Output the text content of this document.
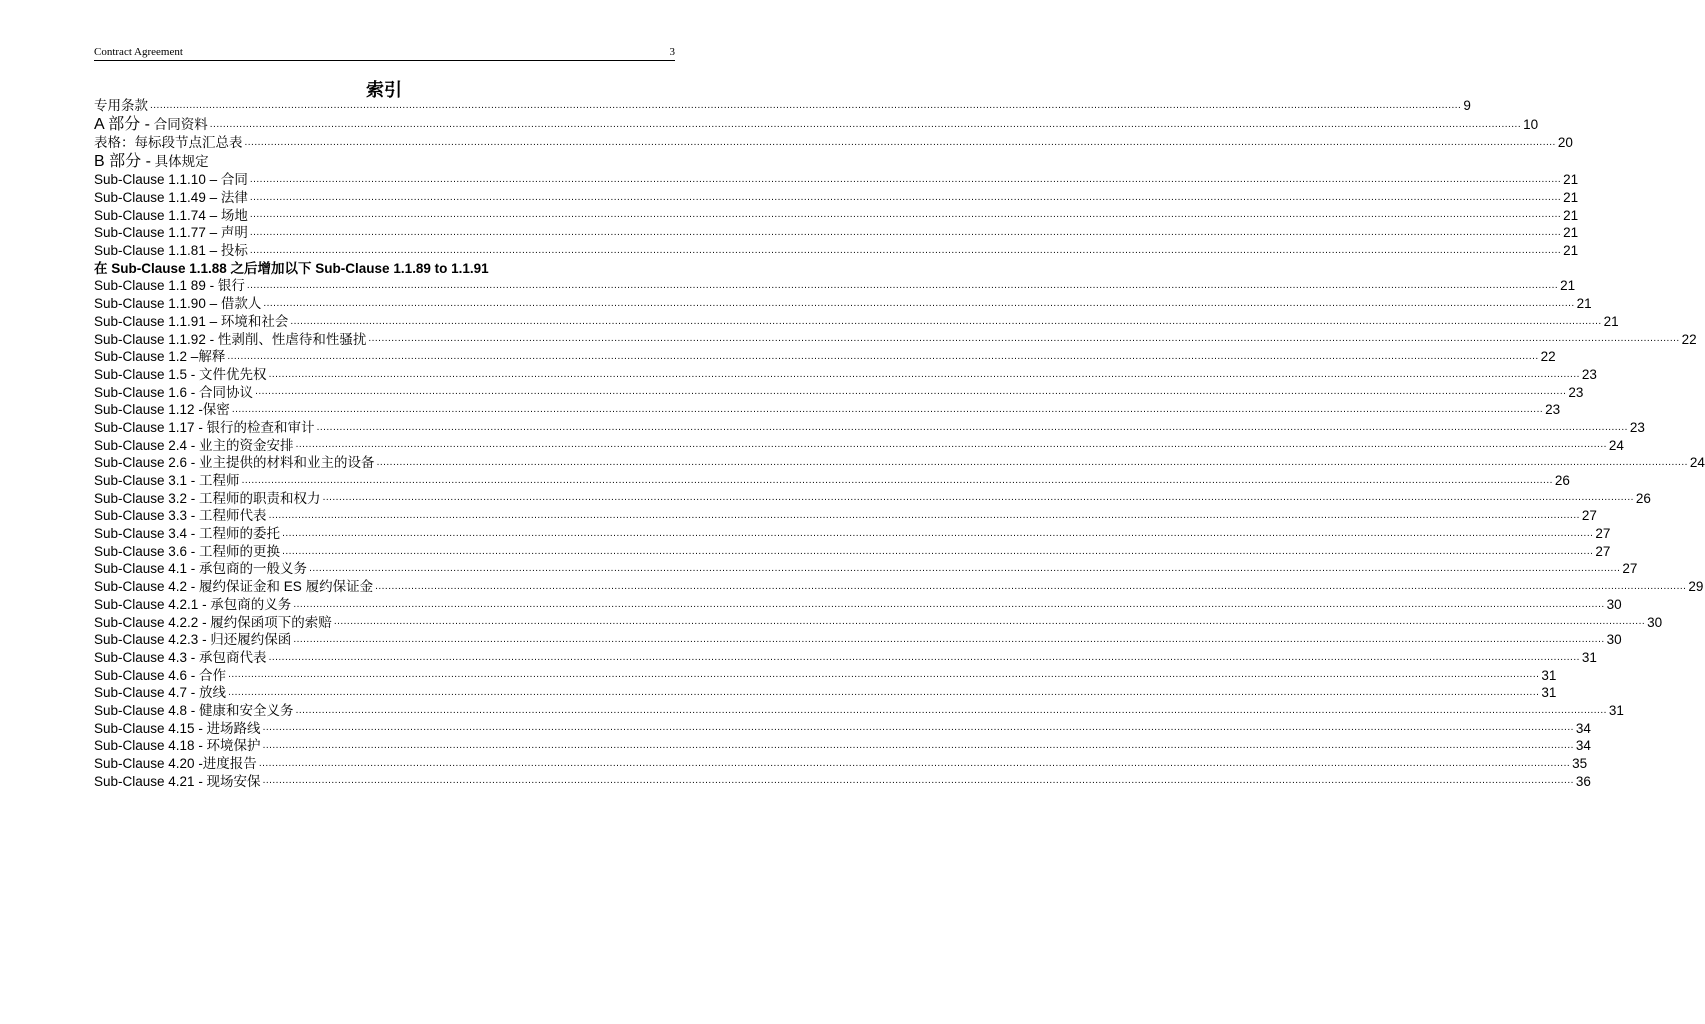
Contract Agreement	3
索引
专用条款 ................................................................................................................................................................................................................................................................................................................................................................................................................ 9
A 部分 - 合同资料 ................................................................................................................................................................................................................................................................................................................................................................................................................ 10
表格：每标段节点汇总表 ................................................................................................................................................................................................................................................................................................................................................................................................................ 20
B 部分 - 具体规定
Sub-Clause 1.1.10 – 合同 ................................................................................................................................................................................................................................................................................................................................................................................................................ 21
Sub-Clause 1.1.49 – 法律 ................................................................................................................................................................................................................................................................................................................................................................................................................ 21
Sub-Clause 1.1.74 – 场地 ................................................................................................................................................................................................................................................................................................................................................................................................................ 21
Sub-Clause 1.1.77 – 声明 ................................................................................................................................................................................................................................................................................................................................................................................................................ 21
Sub-Clause 1.1.81 – 投标 ................................................................................................................................................................................................................................................................................................................................................................................................................ 21
在 Sub-Clause 1.1.88 之后增加以下 Sub-Clause 1.1.89 to 1.1.91
Sub-Clause 1.1 89 - 银行 ................................................................................................................................................................................................................................................................................................................................................................................................................ 21
Sub-Clause 1.1.90 – 借款人 ................................................................................................................................................................................................................................................................................................................................................................................................................ 21
Sub-Clause 1.1.91 – 环境和社会 ................................................................................................................................................................................................................................................................................................................................................................................................................ 21
Sub-Clause 1.1.92 - 性剥削、性虐待和性骚扰 ................................................................................................................................................................................................................................................................................................................................................................................................................ 22
Sub-Clause 1.2 –解释 ................................................................................................................................................................................................................................................................................................................................................................................................................ 22
Sub-Clause 1.5 - 文件优先权 ................................................................................................................................................................................................................................................................................................................................................................................................................ 23
Sub-Clause 1.6 - 合同协议 ................................................................................................................................................................................................................................................................................................................................................................................................................ 23
Sub-Clause 1.12 -保密 ................................................................................................................................................................................................................................................................................................................................................................................................................ 23
Sub-Clause 1.17 - 银行的检查和审计 ................................................................................................................................................................................................................................................................................................................................................................................................................ 23
Sub-Clause 2.4 - 业主的资金安排 ................................................................................................................................................................................................................................................................................................................................................................................................................ 24
Sub-Clause 2.6 - 业主提供的材料和业主的设备 ................................................................................................................................................................................................................................................................................................................................................................................................................ 24
Sub-Clause 3.1 - 工程师 ................................................................................................................................................................................................................................................................................................................................................................................................................ 26
Sub-Clause 3.2 - 工程师的职责和权力 ................................................................................................................................................................................................................................................................................................................................................................................................................ 26
Sub-Clause 3.3 - 工程师代表 ................................................................................................................................................................................................................................................................................................................................................................................................................ 27
Sub-Clause 3.4 - 工程师的委托 ................................................................................................................................................................................................................................................................................................................................................................................................................ 27
Sub-Clause 3.6 - 工程师的更换 ................................................................................................................................................................................................................................................................................................................................................................................................................ 27
Sub-Clause 4.1 - 承包商的一般义务 ................................................................................................................................................................................................................................................................................................................................................................................................................ 27
Sub-Clause 4.2 - 履约保证金和 ES 履约保证金 ................................................................................................................................................................................................................................................................................................................................................................................................................ 29
Sub-Clause 4.2.1 - 承包商的义务 ................................................................................................................................................................................................................................................................................................................................................................................................................ 30
Sub-Clause 4.2.2 - 履约保函项下的索赔 ................................................................................................................................................................................................................................................................................................................................................................................................................ 30
Sub-Clause 4.2.3 - 归还履约保函 ................................................................................................................................................................................................................................................................................................................................................................................................................ 30
Sub-Clause 4.3 - 承包商代表 ................................................................................................................................................................................................................................................................................................................................................................................................................ 31
Sub-Clause 4.6 - 合作 ................................................................................................................................................................................................................................................................................................................................................................................................................ 31
Sub-Clause 4.7 - 放线 ................................................................................................................................................................................................................................................................................................................................................................................................................ 31
Sub-Clause 4.8 - 健康和安全义务 ................................................................................................................................................................................................................................................................................................................................................................................................................ 31
Sub-Clause 4.15 - 进场路线 ................................................................................................................................................................................................................................................................................................................................................................................................................ 34
Sub-Clause 4.18 - 环境保护 ................................................................................................................................................................................................................................................................................................................................................................................................................ 34
Sub-Clause 4.20 -进度报告 ................................................................................................................................................................................................................................................................................................................................................................................................................ 35
Sub-Clause 4.21 - 现场安保 ................................................................................................................................................................................................................................................................................................................................................................................................................ 36
